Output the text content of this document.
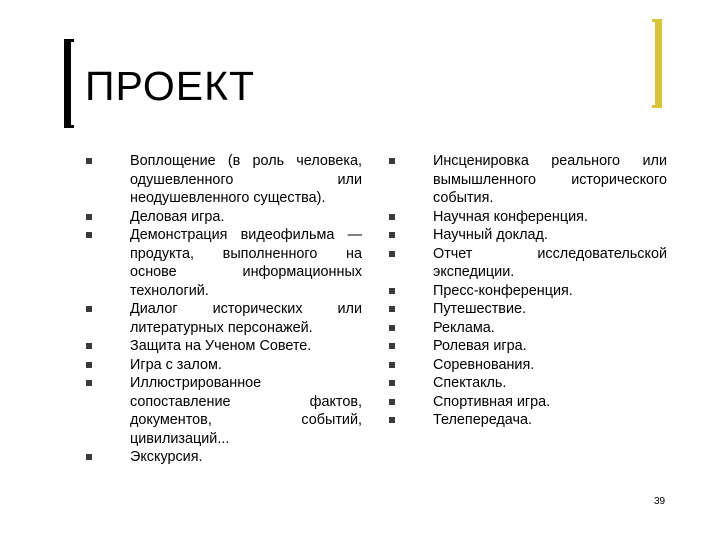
ПРОЕКТ
Воплощение (в роль человека, одушевленного или неодушевленного существа).
Деловая игра.
Демонстрация видеофильма — продукта, выполненного на основе информационных технологий.
Диалог исторических или литературных персонажей.
Защита на Ученом Совете.
Игра с залом.
Иллюстрированное сопоставление фактов, документов, событий, цивилизаций...
Экскурсия.
Инсценировка реального или вымышленного исторического события.
Научная конференция.
Научный доклад.
Отчет исследовательской экспедиции.
Пресс-конференция.
Путешествие.
Реклама.
Ролевая игра.
Соревнования.
Спектакль.
Спортивная игра.
Телепередача.
39
